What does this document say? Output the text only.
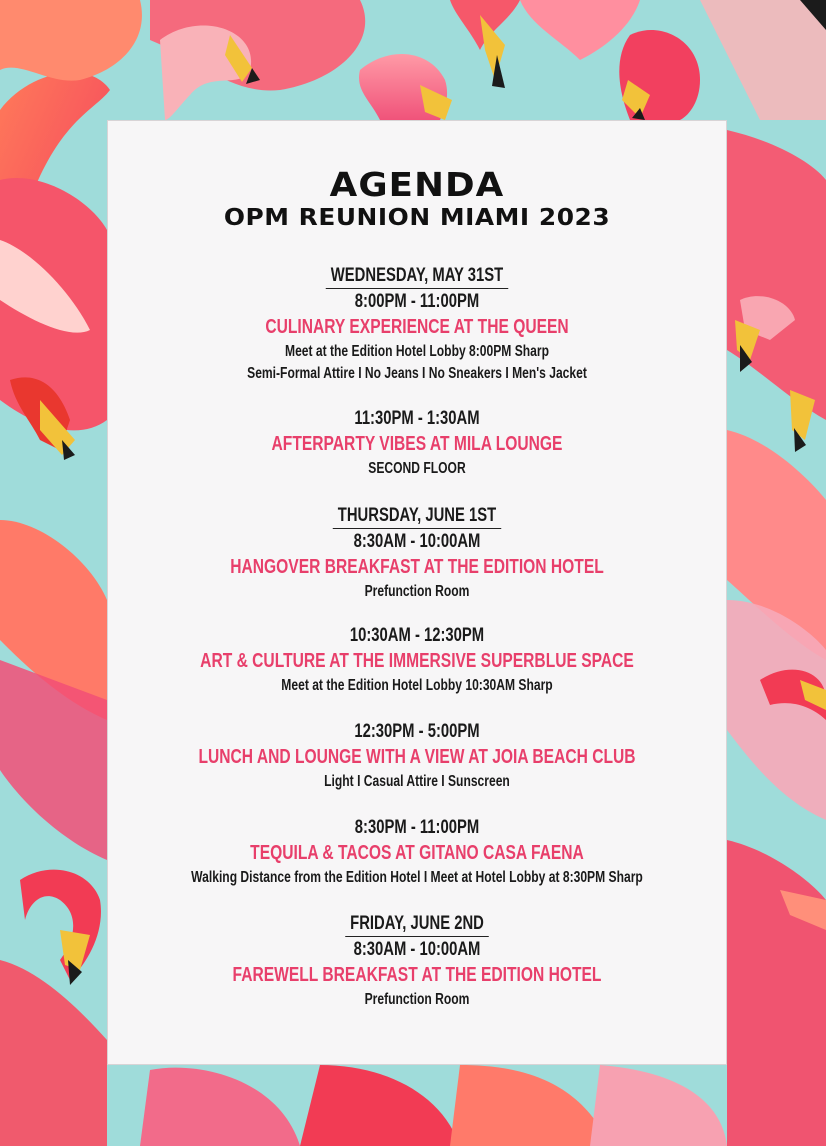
AGENDA
OPM REUNION MIAMI 2023
WEDNESDAY, MAY 31ST
8:00PM - 11:00PM
CULINARY EXPERIENCE AT THE QUEEN
Meet at the Edition Hotel Lobby 8:00PM Sharp
Semi-Formal Attire I No Jeans I No Sneakers I Men's Jacket
11:30PM - 1:30AM
AFTERPARTY VIBES AT MILA LOUNGE
SECOND FLOOR
THURSDAY, JUNE 1ST
8:30AM - 10:00AM
HANGOVER BREAKFAST AT THE EDITION HOTEL
Prefunction Room
10:30AM - 12:30PM
ART & CULTURE AT THE IMMERSIVE SUPERBLUE SPACE
Meet at the Edition Hotel Lobby 10:30AM Sharp
12:30PM - 5:00PM
LUNCH AND LOUNGE WITH A VIEW AT JOIA BEACH CLUB
Light I Casual Attire I Sunscreen
8:30PM - 11:00PM
TEQUILA & TACOS AT GITANO CASA FAENA
Walking Distance from the Edition Hotel I Meet at Hotel Lobby at 8:30PM Sharp
FRIDAY, JUNE 2ND
8:30AM - 10:00AM
FAREWELL BREAKFAST AT THE EDITION HOTEL
Prefunction Room
